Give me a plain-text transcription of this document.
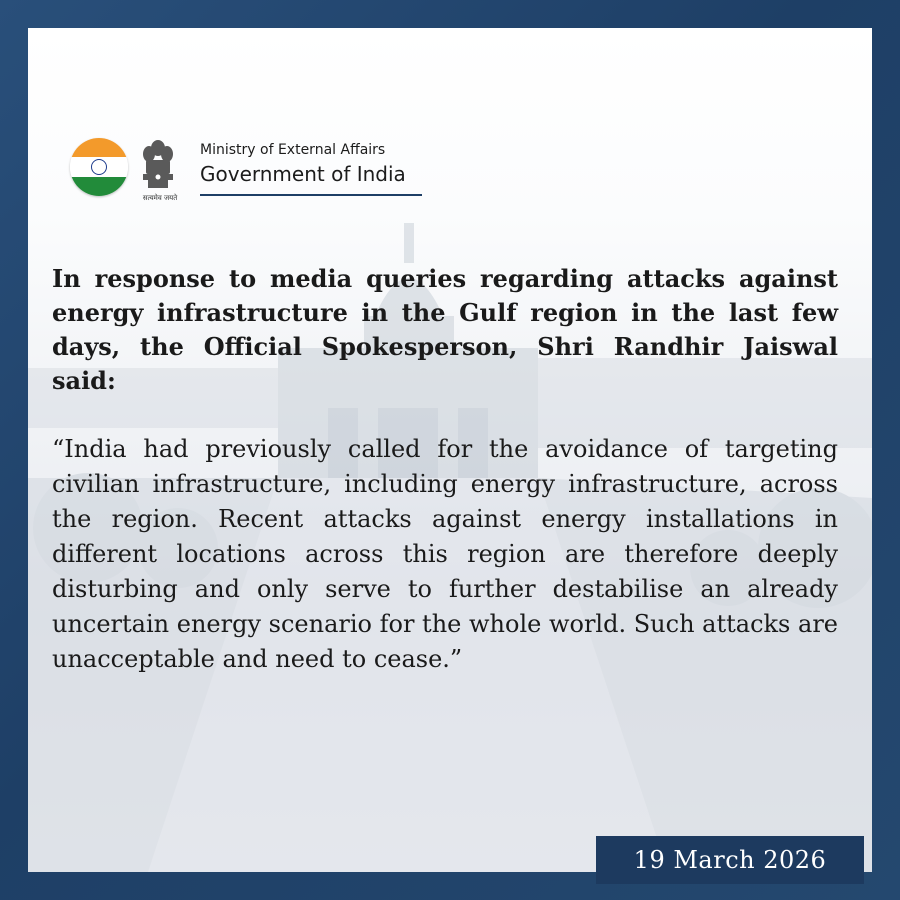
सत्यमेव जयते
Ministry of External Affairs
Government of India

In response to media queries regarding attacks against energy infrastructure in the Gulf region in the last few days, the Official Spokesperson, Shri Randhir Jaiswal said:

“India had previously called for the avoidance of targeting civilian infrastructure, including energy infrastructure, across the region. Recent attacks against energy installations in different locations across this region are therefore deeply disturbing and only serve to further destabilise an already uncertain energy scenario for the whole world. Such attacks are unacceptable and need to cease.”

19 March 2026
